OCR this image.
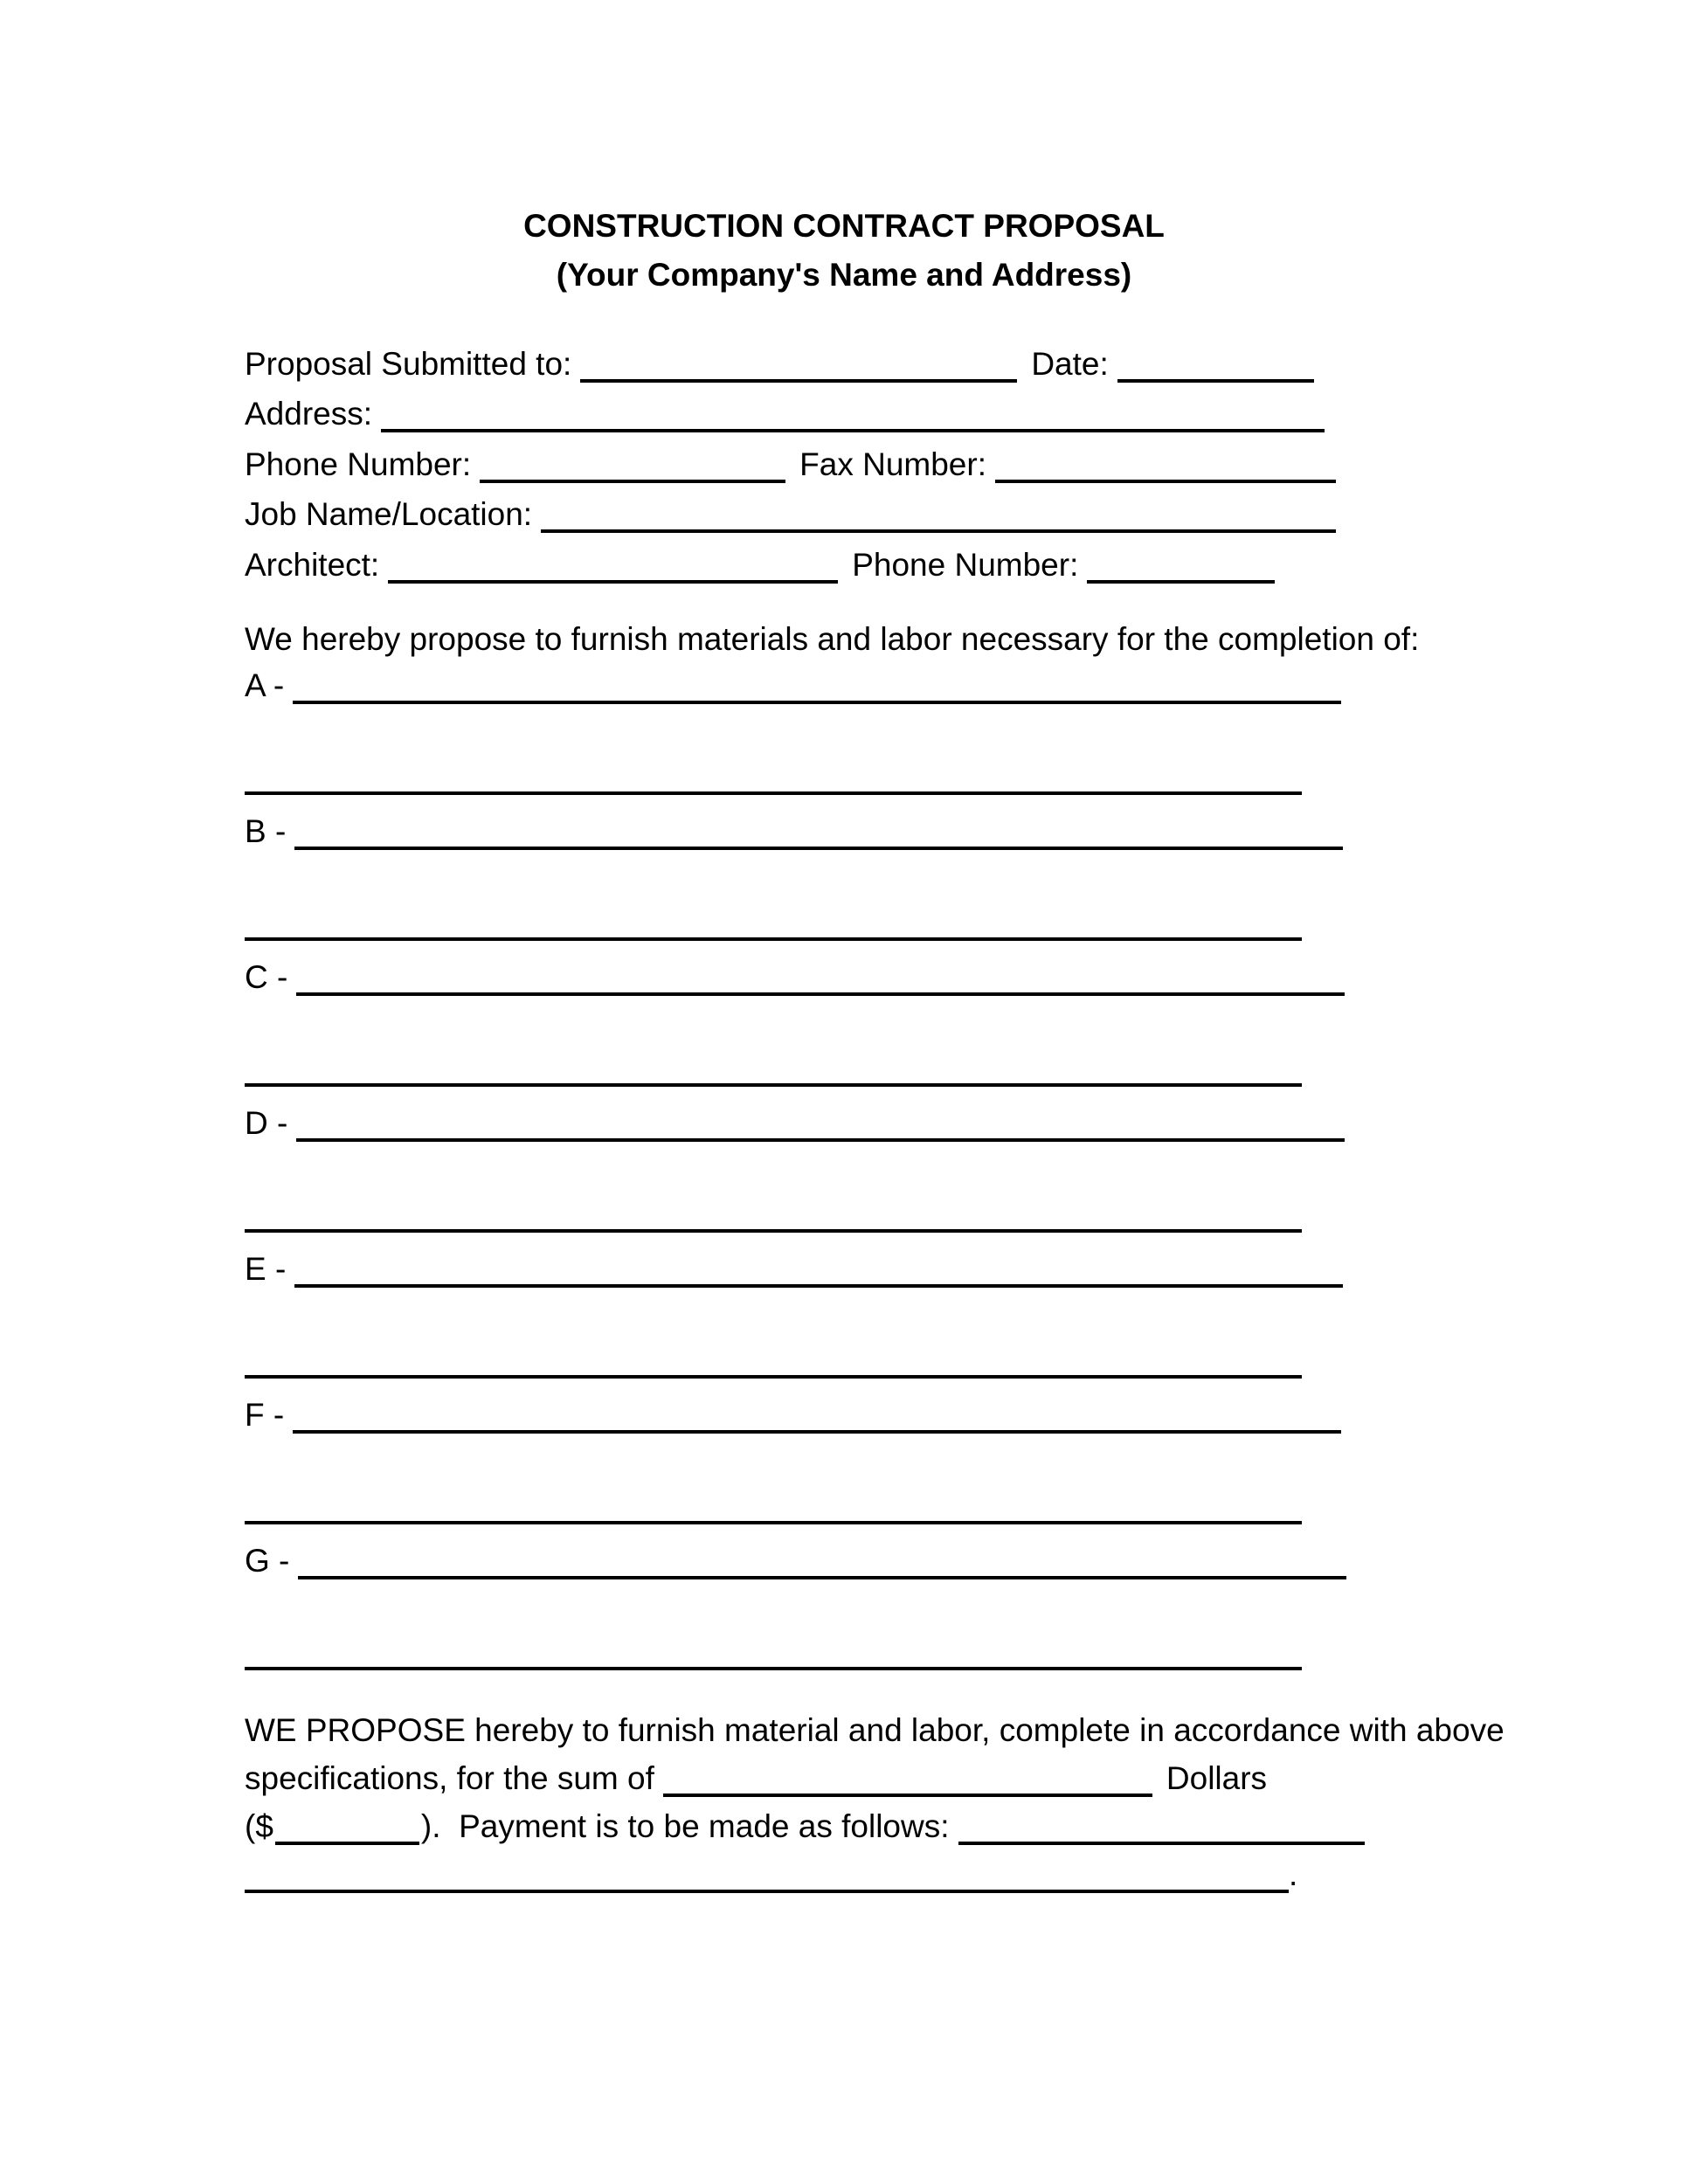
CONSTRUCTION CONTRACT PROPOSAL
(Your Company's Name and Address)
Proposal Submitted to:	Date:
Address:
Phone Number:	Fax Number:
Job Name/Location:
Architect:	Phone Number:
We hereby propose to furnish materials and labor necessary for the completion of:
A -
B -
C -
D -
E -
F -
G -
WE PROPOSE hereby to furnish material and labor, complete in accordance with above
specifications, for the sum of	Dollars
($	).  Payment is to be made as follows:
.
